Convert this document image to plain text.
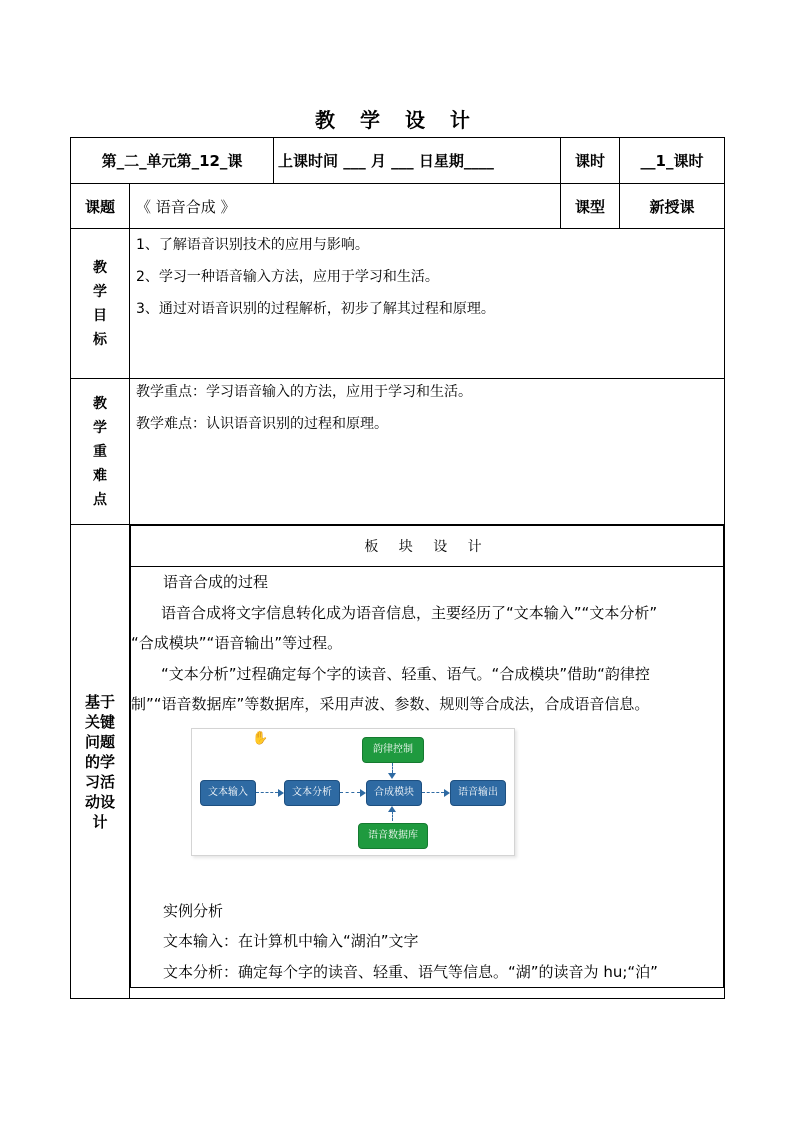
教 学 设 计
第_二_单元第_12_课	上课时间 ___ 月 ___ 日星期____	课时	__1_课时
课题	《 语音合成 》	课型	新授课

教
学
目
标

1、了解语音识别技术的应用与影响。

2、学习一种语音输入方法，应用于学习和生活。

3、通过对语音识别的过程解析，初步了解其过程和原理。

教
学
重
难
点

教学重点：学习语音输入的方法，应用于学习和生活。

教学难点：认识语音识别的过程和原理。

基于
关键
问题
的学
习活
动设
计

板 块 设 计

语音合成的过程

语音合成将文字信息转化成为语音信息，主要经历了“文本输入”“文本分析”

“合成模块”“语音输出”等过程。

“文本分析”过程确定每个字的读音、轻重、语气。“合成模块”借助“韵律控

制”“语音数据库”等数据库，采用声波、参数、规则等合成法，合成语音信息。

✋
韵律控制
文本输入	文本分析	合成模块	语音输出
语音数据库

实例分析

文本输入：在计算机中输入“湖泊”文字

文本分析：确定每个字的读音、轻重、语气等信息。“湖”的读音为 hu;“泊”
